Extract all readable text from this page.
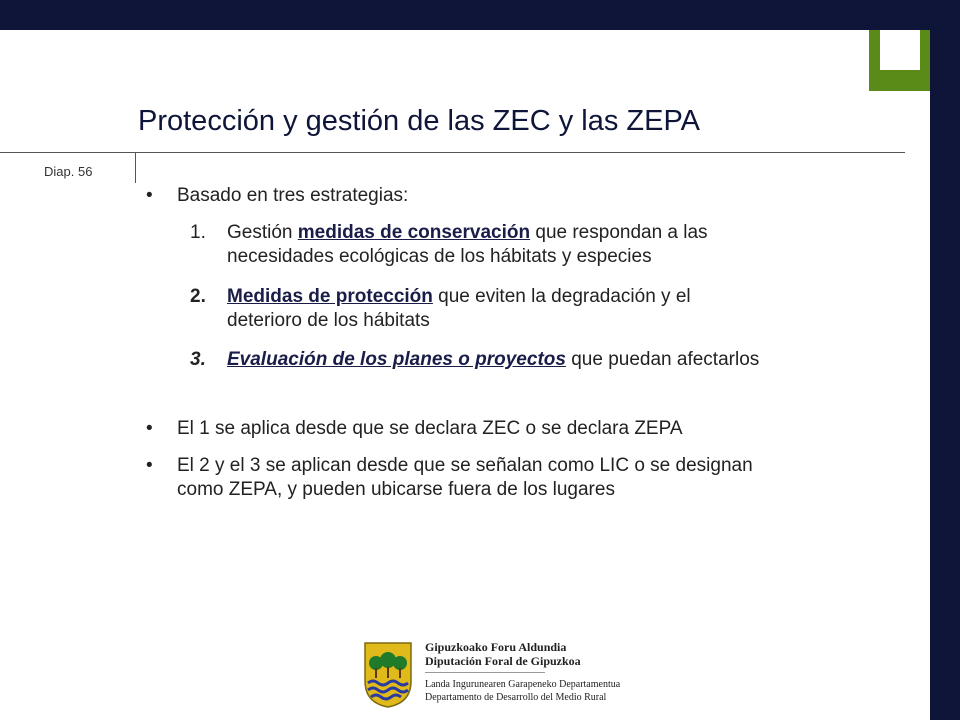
Protección y gestión de las ZEC y las ZEPA
Diap. 56
• Basado en tres estrategias:
1. Gestión medidas de conservación que respondan a las
necesidades ecológicas de los hábitats y especies
2. Medidas de protección que eviten la degradación y el
deterioro de los hábitats
3. Evaluación de los planes o proyectos que puedan afectarlos
• El 1 se aplica desde que se declara ZEC o se declara ZEPA
• El 2 y el 3 se aplican desde que se señalan como LIC o se designan
como ZEPA, y pueden ubicarse fuera de los lugares
Gipuzkoako Foru Aldundia
Diputación Foral de Gipuzkoa
Landa Ingurunearen Garapeneko Departamentua
Departamento de Desarrollo del Medio Rural
